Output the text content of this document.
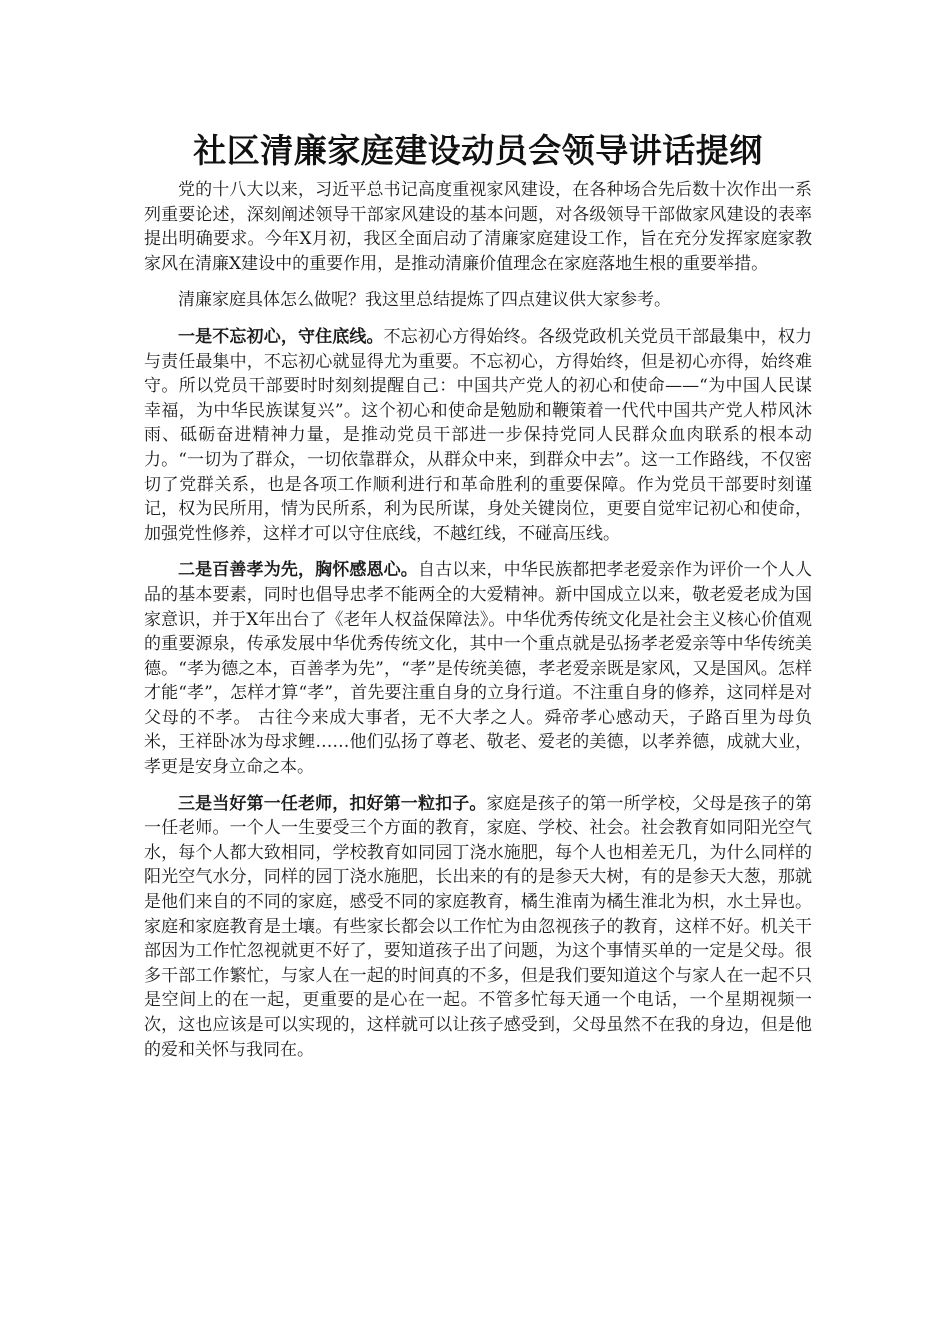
社区清廉家庭建设动员会领导讲话提纲

党的十八大以来，习近平总书记高度重视家风建设，在各种场合先后数十次作出一系列重要论述，深刻阐述领导干部家风建设的基本问题，对各级领导干部做家风建设的表率提出明确要求。今年X月初，我区全面启动了清廉家庭建设工作，旨在充分发挥家庭家教家风在清廉X建设中的重要作用，是推动清廉价值理念在家庭落地生根的重要举措。

清廉家庭具体怎么做呢？我这里总结提炼了四点建议供大家参考。

一是不忘初心，守住底线。不忘初心方得始终。各级党政机关党员干部最集中，权力与责任最集中，不忘初心就显得尤为重要。不忘初心，方得始终，但是初心亦得，始终难守。所以党员干部要时时刻刻提醒自己：中国共产党人的初心和使命——“为中国人民谋幸福，为中华民族谋复兴”。这个初心和使命是勉励和鞭策着一代代中国共产党人栉风沐雨、砥砺奋进精神力量，是推动党员干部进一步保持党同人民群众血肉联系的根本动力。“一切为了群众，一切依靠群众，从群众中来，到群众中去”。这一工作路线，不仅密切了党群关系，也是各项工作顺利进行和革命胜利的重要保障。作为党员干部要时刻谨记，权为民所用，情为民所系，利为民所谋，身处关键岗位，更要自觉牢记初心和使命，加强党性修养，这样才可以守住底线，不越红线，不碰高压线。

二是百善孝为先，胸怀感恩心。自古以来，中华民族都把孝老爱亲作为评价一个人人品的基本要素，同时也倡导忠孝不能两全的大爱精神。新中国成立以来，敬老爱老成为国家意识，并于X年出台了《老年人权益保障法》。中华优秀传统文化是社会主义核心价值观的重要源泉，传承发展中华优秀传统文化，其中一个重点就是弘扬孝老爱亲等中华传统美德。“孝为德之本，百善孝为先”，“孝”是传统美德，孝老爱亲既是家风，又是国风。怎样才能“孝”，怎样才算“孝”，首先要注重自身的立身行道。不注重自身的修养，这同样是对父母的不孝。 古往今来成大事者，无不大孝之人。舜帝孝心感动天，子路百里为母负米，王祥卧冰为母求鲤……他们弘扬了尊老、敬老、爱老的美德，以孝养德，成就大业，孝更是安身立命之本。

三是当好第一任老师，扣好第一粒扣子。家庭是孩子的第一所学校，父母是孩子的第一任老师。一个人一生要受三个方面的教育，家庭、学校、社会。社会教育如同阳光空气水，每个人都大致相同，学校教育如同园丁浇水施肥，每个人也相差无几，为什么同样的阳光空气水分，同样的园丁浇水施肥，长出来的有的是参天大树，有的是参天大葱，那就是他们来自的不同的家庭，感受不同的家庭教育，橘生淮南为橘生淮北为枳，水土异也。家庭和家庭教育是土壤。有些家长都会以工作忙为由忽视孩子的教育，这样不好。机关干部因为工作忙忽视就更不好了，要知道孩子出了问题，为这个事情买单的一定是父母。很多干部工作繁忙，与家人在一起的时间真的不多，但是我们要知道这个与家人在一起不只是空间上的在一起，更重要的是心在一起。不管多忙每天通一个电话，一个星期视频一次，这也应该是可以实现的，这样就可以让孩子感受到，父母虽然不在我的身边，但是他的爱和关怀与我同在。
